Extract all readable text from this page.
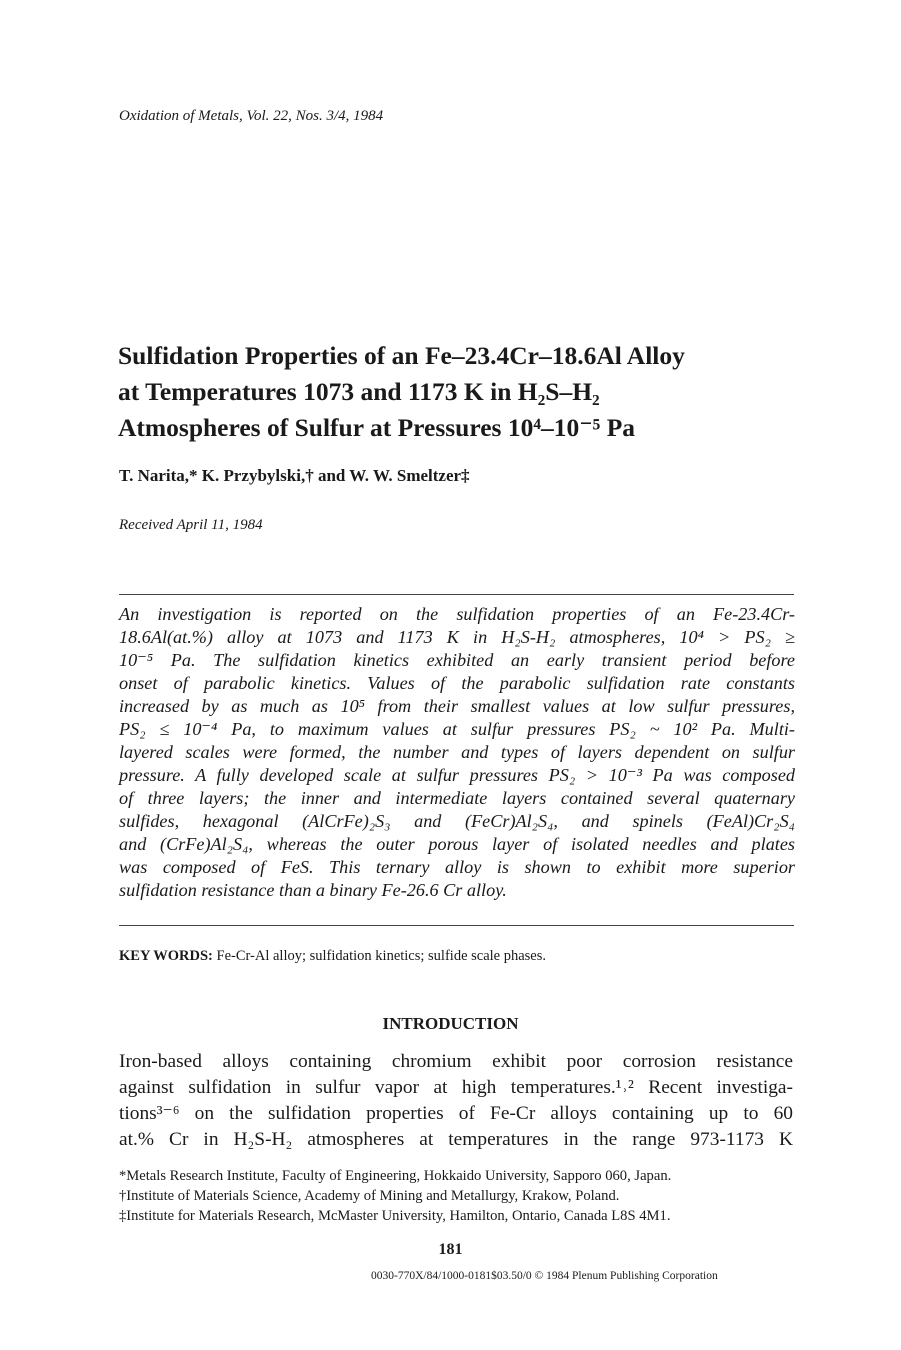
Oxidation of Metals, Vol. 22, Nos. 3/4, 1984
Sulfidation Properties of an Fe–23.4Cr–18.6Al Alloy
at Temperatures 1073 and 1173 K in H₂S–H₂
Atmospheres of Sulfur at Pressures 10⁴–10⁻⁵ Pa
T. Narita,* K. Przybylski,† and W. W. Smeltzer‡
Received April 11, 1984
An investigation is reported on the sulfidation properties of an Fe-23.4Cr-
18.6Al(at.%) alloy at 1073 and 1173 K in H₂S-H₂ atmospheres, 10⁴ > PS₂ ≥
10⁻⁵ Pa. The sulfidation kinetics exhibited an early transient period before
onset of parabolic kinetics. Values of the parabolic sulfidation rate constants
increased by as much as 10⁵ from their smallest values at low sulfur pressures,
PS₂ ≤ 10⁻⁴ Pa, to maximum values at sulfur pressures PS₂ ~ 10² Pa. Multi-
layered scales were formed, the number and types of layers dependent on sulfur
pressure. A fully developed scale at sulfur pressures PS₂ > 10⁻³ Pa was composed
of three layers; the inner and intermediate layers contained several quaternary
sulfides, hexagonal (AlCrFe)₂S₃ and (FeCr)Al₂S₄, and spinels (FeAl)Cr₂S₄
and (CrFe)Al₂S₄, whereas the outer porous layer of isolated needles and plates
was composed of FeS. This ternary alloy is shown to exhibit more superior
sulfidation resistance than a binary Fe-26.6 Cr alloy.
KEY WORDS: Fe-Cr-Al alloy; sulfidation kinetics; sulfide scale phases.
INTRODUCTION
Iron-based alloys containing chromium exhibit poor corrosion resistance
against sulfidation in sulfur vapor at high temperatures.¹˒² Recent investiga-
tions³⁻⁶ on the sulfidation properties of Fe-Cr alloys containing up to 60
at.% Cr in H₂S-H₂ atmospheres at temperatures in the range 973-1173 K
*Metals Research Institute, Faculty of Engineering, Hokkaido University, Sapporo 060, Japan.
†Institute of Materials Science, Academy of Mining and Metallurgy, Krakow, Poland.
‡Institute for Materials Research, McMaster University, Hamilton, Ontario, Canada L8S 4M1.
181
0030-770X/84/1000-0181$03.50/0 © 1984 Plenum Publishing Corporation
